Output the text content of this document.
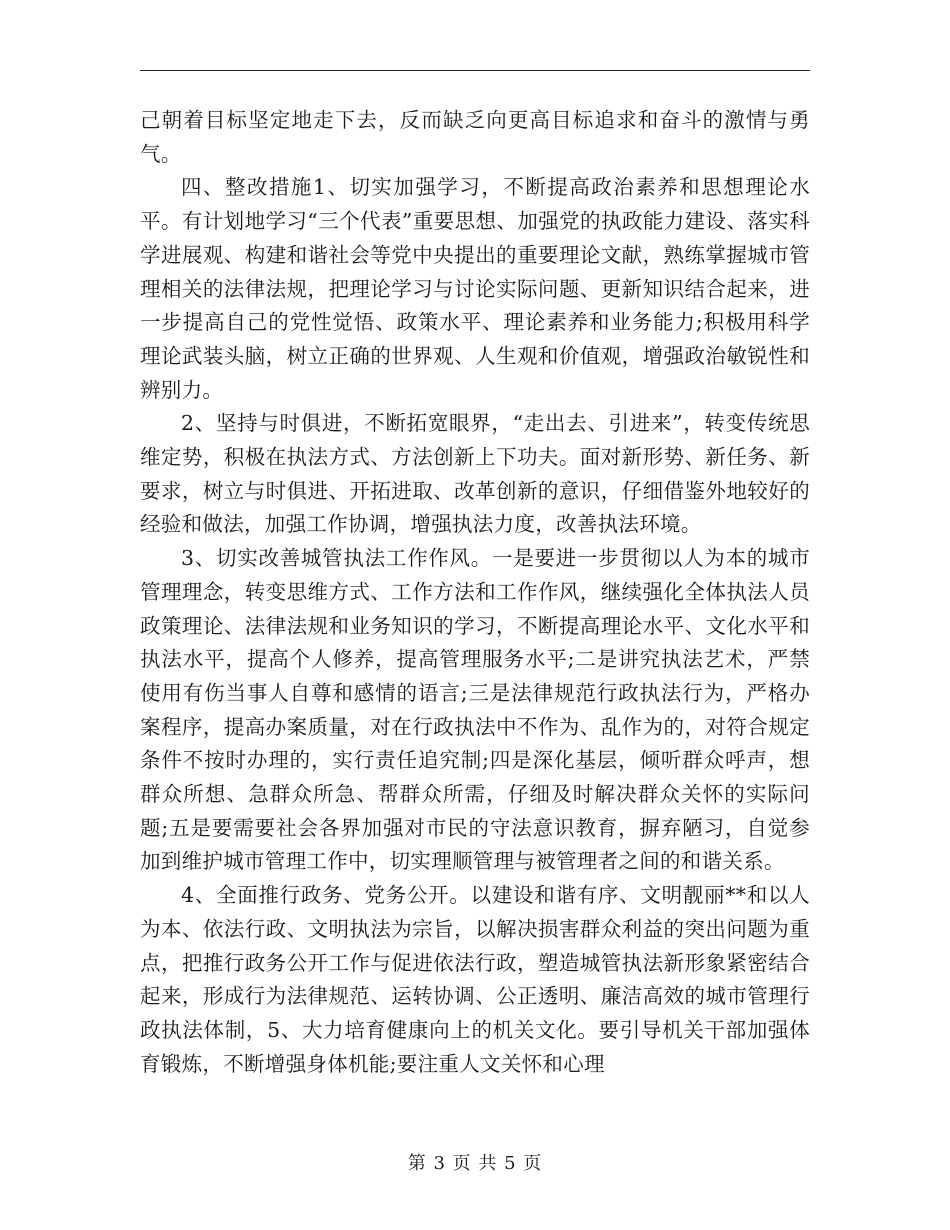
己朝着目标坚定地走下去，反而缺乏向更高目标追求和奋斗的激情与勇气。

四、整改措施1、切实加强学习，不断提高政治素养和思想理论水平。有计划地学习“三个代表”重要思想、加强党的执政能力建设、落实科学进展观、构建和谐社会等党中央提出的重要理论文献，熟练掌握城市管理相关的法律法规，把理论学习与讨论实际问题、更新知识结合起来，进一步提高自己的党性觉悟、政策水平、理论素养和业务能力;积极用科学理论武装头脑，树立正确的世界观、人生观和价值观，增强政治敏锐性和辨别力。

2、坚持与时俱进，不断拓宽眼界，“走出去、引进来”，转变传统思维定势，积极在执法方式、方法创新上下功夫。面对新形势、新任务、新要求，树立与时俱进、开拓进取、改革创新的意识，仔细借鉴外地较好的经验和做法，加强工作协调，增强执法力度，改善执法环境。

3、切实改善城管执法工作作风。一是要进一步贯彻以人为本的城市管理理念，转变思维方式、工作方法和工作作风，继续强化全体执法人员政策理论、法律法规和业务知识的学习，不断提高理论水平、文化水平和执法水平，提高个人修养，提高管理服务水平;二是讲究执法艺术，严禁使用有伤当事人自尊和感情的语言;三是法律规范行政执法行为，严格办案程序，提高办案质量，对在行政执法中不作为、乱作为的，对符合规定条件不按时办理的，实行责任追究制;四是深化基层，倾听群众呼声，想群众所想、急群众所急、帮群众所需，仔细及时解决群众关怀的实际问题;五是要需要社会各界加强对市民的守法意识教育，摒弃陋习，自觉参加到维护城市管理工作中，切实理顺管理与被管理者之间的和谐关系。

4、全面推行政务、党务公开。以建设和谐有序、文明靓丽**和以人为本、依法行政、文明执法为宗旨，以解决损害群众利益的突出问题为重点，把推行政务公开工作与促进依法行政，塑造城管执法新形象紧密结合起来，形成行为法律规范、运转协调、公正透明、廉洁高效的城市管理行政执法体制，5、大力培育健康向上的机关文化。要引导机关干部加强体育锻炼，不断增强身体机能;要注重人文关怀和心理

第 3 页 共 5 页
